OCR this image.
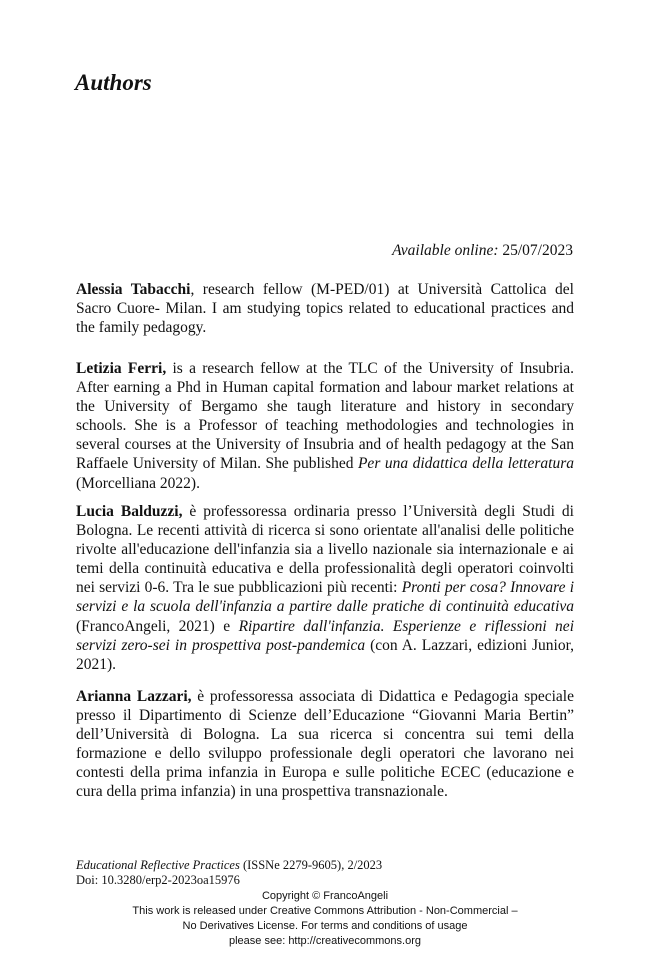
Authors
Available online: 25/07/2023

Alessia Tabacchi, research fellow (M-PED/01) at Università Cattolica del Sacro Cuore- Milan. I am studying topics related to educational practices and the family pedagogy.

Letizia Ferri, is a research fellow at the TLC of the University of Insubria. After earning a Phd in Human capital formation and labour market relations at the University of Bergamo she taugh literature and history in secondary schools. She is a Professor of teaching methodologies and technologies in several courses at the University of Insubria and of health pedagogy at the San Raffaele University of Milan. She published Per una didattica della letteratura (Morcelliana 2022).

Lucia Balduzzi, è professoressa ordinaria presso l’Università degli Studi di Bologna. Le recenti attività di ricerca si sono orientate all'analisi delle politiche rivolte all'educazione dell'infanzia sia a livello nazionale sia internazionale e ai temi della continuità educativa e della professionalità degli operatori coinvolti nei servizi 0-6. Tra le sue pubblicazioni più recenti: Pronti per cosa? Innovare i servizi e la scuola dell'infanzia a partire dalle pratiche di continuità educativa (FrancoAngeli, 2021) e Ripartire dall'infanzia. Esperienze e riflessioni nei servizi zero-sei in prospettiva post-pandemica (con A. Lazzari, edizioni Junior, 2021).

Arianna Lazzari, è professoressa associata di Didattica e Pedagogia speciale presso il Dipartimento di Scienze dell’Educazione “Giovanni Maria Bertin” dell’Università di Bologna. La sua ricerca si concentra sui temi della formazione e dello sviluppo professionale degli operatori che lavorano nei contesti della prima infanzia in Europa e sulle politiche ECEC (educazione e cura della prima infanzia) in una prospettiva transnazionale.

Educational Reflective Practices (ISSNe 2279-9605), 2/2023
Doi: 10.3280/erp2-2023oa15976
Copyright © FrancoAngeli
This work is released under Creative Commons Attribution - Non-Commercial –
No Derivatives License. For terms and conditions of usage
please see: http://creativecommons.org
